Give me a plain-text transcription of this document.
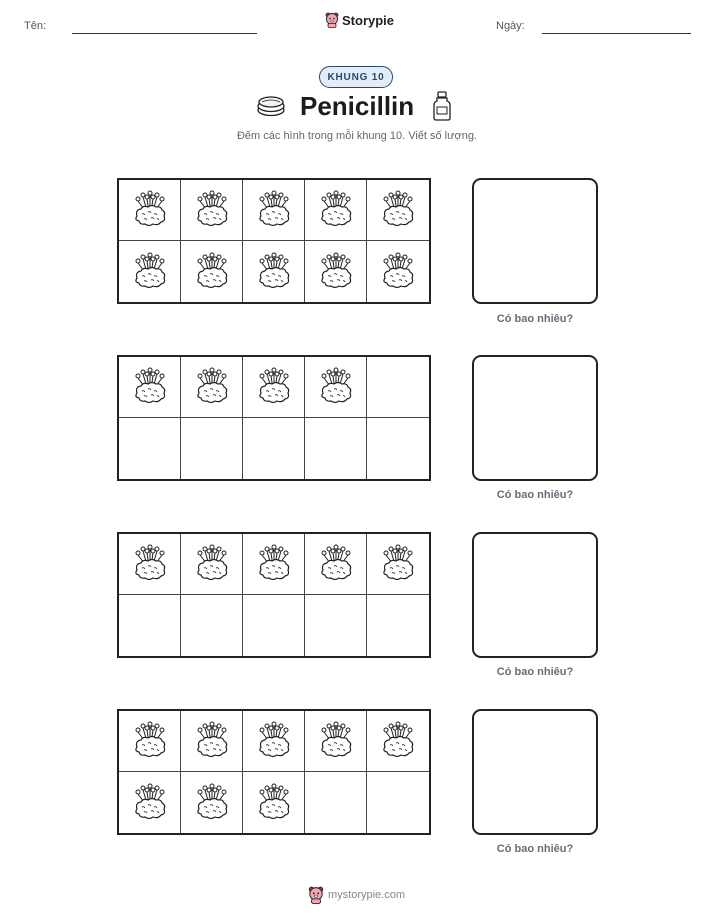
Tên:	Storypie	Ngày:
KHUNG 10
Penicillin
Đếm các hình trong mỗi khung 10. Viết số lượng.
Có bao nhiêu?
Có bao nhiêu?
Có bao nhiêu?
Có bao nhiêu?
mystorypie.com
